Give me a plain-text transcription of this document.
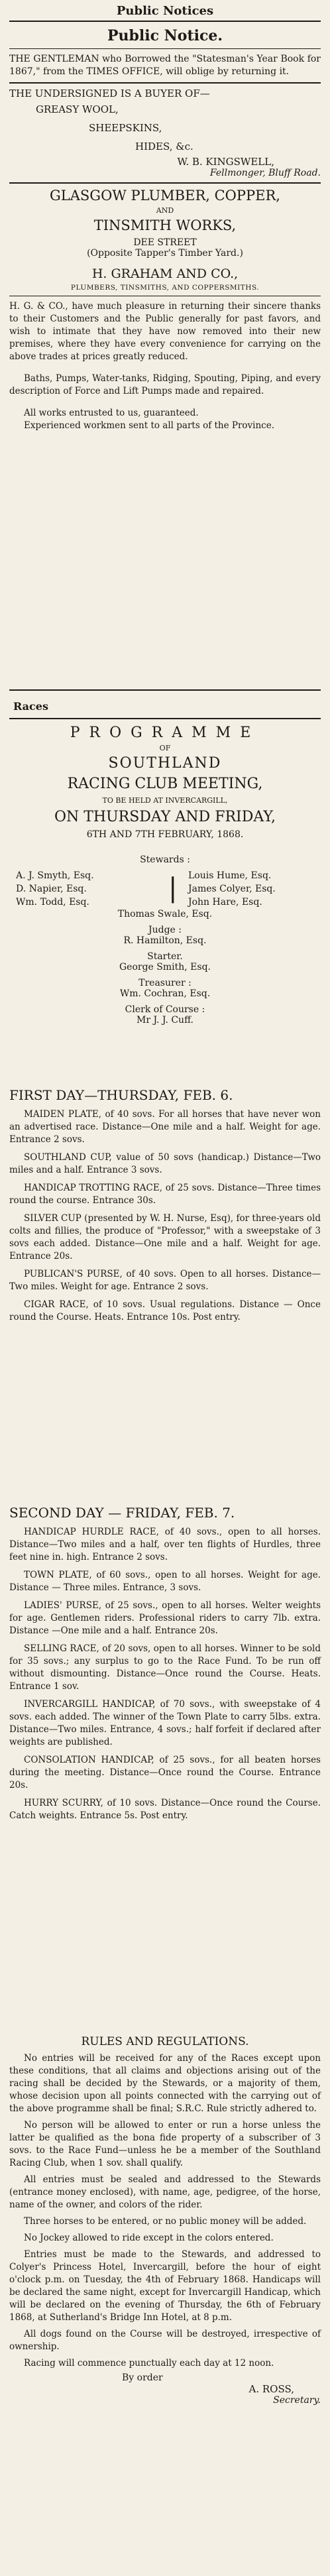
Public Notices
Public Notice.

THE GENTLEMAN who Borrowed the "Statesman's Year Book for 1867," from the TIMES OFFICE, will oblige by returning it.

THE UNDERSIGNED IS A BUYER OF—

GREASY WOOL,
SHEEPSKINS,
HIDES, &c.
W. B. KINGSWELL,
Fellmonger, Bluff Road.
GLASGOW PLUMBER, COPPER,
AND
TINSMITH WORKS,
DEE STREET
(Opposite Tapper's Timber Yard.)
H. GRAHAM AND CO.,
PLUMBERS, TINSMITHS, AND COPPERSMITHS.

H. G. & CO., have much pleasure in returning their sincere thanks to their Customers and the Public generally for past favors, and wish to intimate that they have now removed into their new premises, where they have every convenience for carrying on the above trades at prices greatly reduced.

Baths, Pumps, Water-tanks, Ridging, Spouting, Piping, and every description of Force and Lift Pumps made and repaired.

All works entrusted to us, guaranteed.

Experienced workmen sent to all parts of the Province.

Races
PROGRAMME
OF
SOUTHLAND
RACING CLUB MEETING,
TO BE HELD AT INVERCARGILL,
ON THURSDAY AND FRIDAY,
6TH AND 7TH FEBRUARY, 1868.
Stewards :
A. J. Smyth, Esq.
D. Napier, Esq.
Wm. Todd, Esq.	|	Louis Hume, Esq.
James Colyer, Esq.
John Hare, Esq.
Thomas Swale, Esq.
Judge :
R. Hamilton, Esq.
Starter.
George Smith, Esq.
Treasurer :
Wm. Cochran, Esq.
Clerk of Course :
Mr J. J. Cuff.
FIRST DAY—THURSDAY, FEB. 6.

MAIDEN PLATE, of 40 sovs. For all horses that have never won an advertised race. Distance—One mile and a half. Weight for age. Entrance 2 sovs.

SOUTHLAND CUP, value of 50 sovs (handicap.) Distance—Two miles and a half. Entrance 3 sovs.

HANDICAP TROTTING RACE, of 25 sovs. Distance—Three times round the course. Entrance 30s.

SILVER CUP (presented by W. H. Nurse, Esq), for three-years old colts and fillies, the produce of "Professor," with a sweepstake of 3 sovs each added. Distance—One mile and a half. Weight for age. Entrance 20s.

PUBLICAN'S PURSE, of 40 sovs. Open to all horses. Distance—Two miles. Weight for age. Entrance 2 sovs.

CIGAR RACE, of 10 sovs. Usual regulations. Distance — Once round the Course. Heats. Entrance 10s. Post entry.

SECOND DAY — FRIDAY, FEB. 7.

HANDICAP HURDLE RACE, of 40 sovs., open to all horses. Distance—Two miles and a half, over ten flights of Hurdles, three feet nine in. high. Entrance 2 sovs.

TOWN PLATE, of 60 sovs., open to all horses. Weight for age. Distance — Three miles. Entrance, 3 sovs.

LADIES' PURSE, of 25 sovs., open to all horses. Welter weights for age. Gentlemen riders. Professional riders to carry 7lb. extra. Distance —One mile and a half. Entrance 20s.

SELLING RACE, of 20 sovs, open to all horses. Winner to be sold for 35 sovs.; any surplus to go to the Race Fund. To be run off without dismounting. Distance—Once round the Course. Heats. Entrance 1 sov.

INVERCARGILL HANDICAP, of 70 sovs., with sweepstake of 4 sovs. each added. The winner of the Town Plate to carry 5lbs. extra. Distance—Two miles. Entrance, 4 sovs.; half forfeit if declared after weights are published.

CONSOLATION HANDICAP, of 25 sovs., for all beaten horses during the meeting. Distance—Once round the Course. Entrance 20s.

HURRY SCURRY, of 10 sovs. Distance—Once round the Course. Catch weights. Entrance 5s. Post entry.

RULES AND REGULATIONS.

No entries will be received for any of the Races except upon these conditions, that all claims and objections arising out of the racing shall be decided by the Stewards, or a majority of them, whose decision upon all points connected with the carrying out of the above programme shall be final; S.R.C. Rule strictly adhered to.

No person will be allowed to enter or run a horse unless the latter be qualified as the bona fide property of a subscriber of 3 sovs. to the Race Fund—unless he be a member of the Southland Racing Club, when 1 sov. shall qualify.

All entries must be sealed and addressed to the Stewards (entrance money enclosed), with name, age, pedigree, of the horse, name of the owner, and colors of the rider.

Three horses to be entered, or no public money will be added.

No Jockey allowed to ride except in the colors entered.

Entries must be made to the Stewards, and addressed to Colyer's Princess Hotel, Invercargill, before the hour of eight o'clock p.m. on Tuesday, the 4th of February 1868. Handicaps will be declared the same night, except for Invercargill Handicap, which will be declared on the evening of Thursday, the 6th of February 1868, at Sutherland's Bridge Inn Hotel, at 8 p.m.

All dogs found on the Course will be destroyed, irrespective of ownership.

Racing will commence punctually each day at 12 noon.

By order
A. ROSS,
Secretary.
